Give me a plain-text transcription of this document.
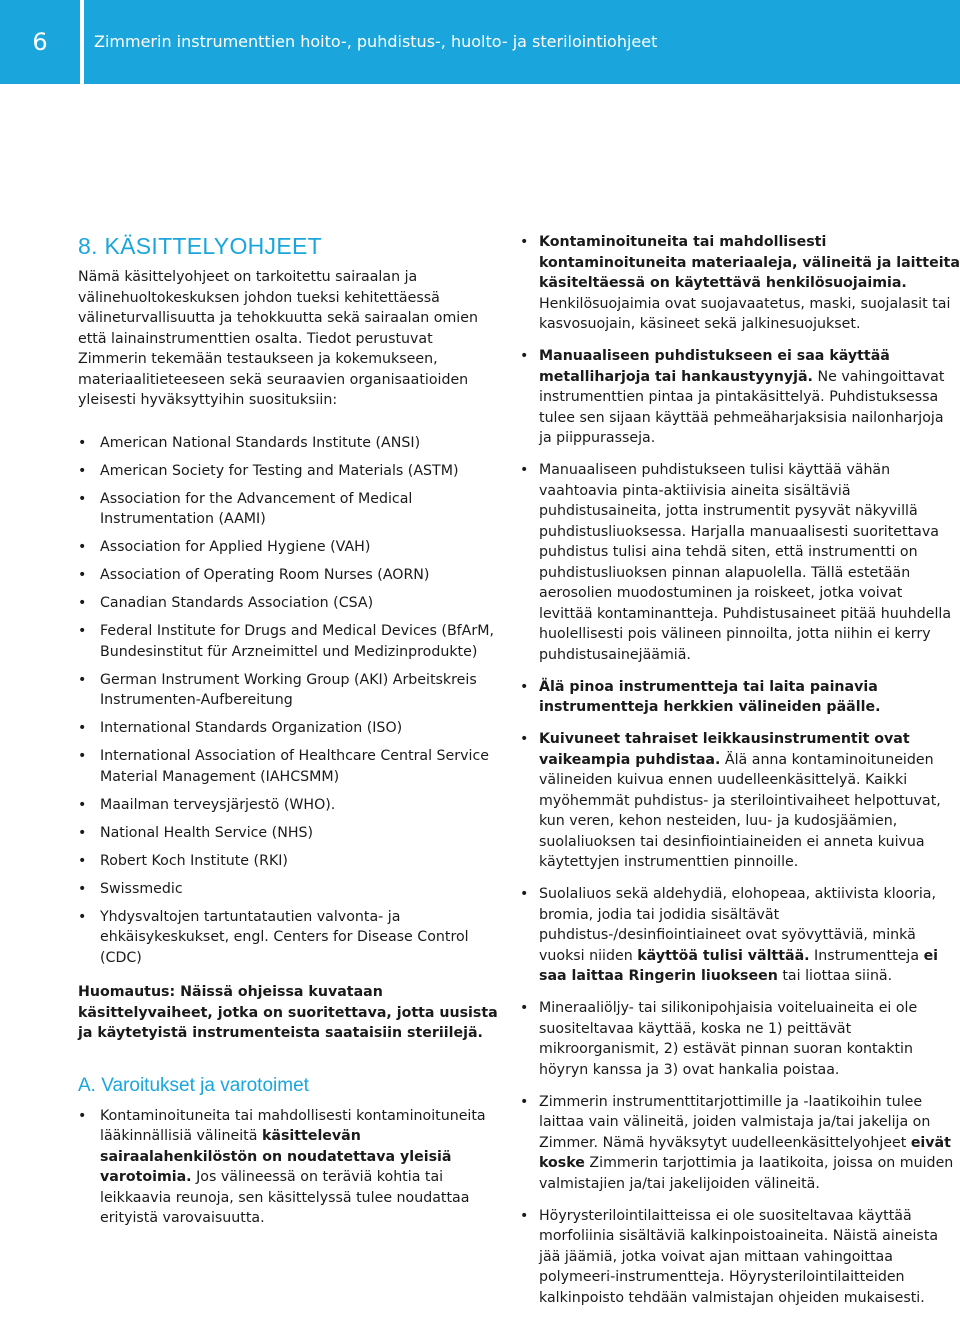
6	Zimmerin instrumenttien hoito-, puhdistus-, huolto- ja sterilointiohjeet
8. KÄSITTELYOHJEET

Nämä käsittelyohjeet on tarkoitettu sairaalan ja välinehuoltokeskuksen johdon tueksi kehitettäessä välineturvallisuutta ja tehokkuutta sekä sairaalan omien että lainainstrumenttien osalta. Tiedot perustuvat Zimmerin tekemään testaukseen ja kokemukseen, materiaalitieteeseen sekä seuraavien organisaatioiden yleisesti hyväksyttyihin suosituksiin:

• American National Standards Institute (ANSI)
• American Society for Testing and Materials (ASTM)
• Association for the Advancement of Medical Instrumentation (AAMI)
• Association for Applied Hygiene (VAH)
• Association of Operating Room Nurses (AORN)
• Canadian Standards Association (CSA)
• Federal Institute for Drugs and Medical Devices (BfArM, Bundesinstitut für Arzneimittel und Medizinprodukte)
• German Instrument Working Group (AKI) Arbeitskreis Instrumenten-Aufbereitung
• International Standards Organization (ISO)
• International Association of Healthcare Central Service Material Management (IAHCSMM)
• Maailman terveysjärjestö (WHO).
• National Health Service (NHS)
• Robert Koch Institute (RKI)
• Swissmedic
• Yhdysvaltojen tartuntatautien valvonta- ja ehkäisykeskukset, engl. Centers for Disease Control (CDC)

Huomautus: Näissä ohjeissa kuvataan käsittelyvaiheet, jotka on suoritettava, jotta uusista ja käytetyistä instrumenteista saataisiin steriilejä.

A. Varoitukset ja varotoimet
• Kontaminoituneita tai mahdollisesti kontaminoituneita lääkinnällisiä välineitä käsittelevän sairaalahenkilöstön on noudatettava yleisiä varotoimia. Jos välineessä on teräviä kohtia tai leikkaavia reunoja, sen käsittelyssä tulee noudattaa erityistä varovaisuutta.
• Kontaminoituneita tai mahdollisesti kontaminoituneita materiaaleja, välineitä ja laitteita käsiteltäessä on käytettävä henkilösuojaimia. Henkilösuojaimia ovat suojavaatetus, maski, suojalasit tai kasvosuojain, käsineet sekä jalkinesuojukset.
• Manuaaliseen puhdistukseen ei saa käyttää metalliharjoja tai hankaustyynyjä. Ne vahingoittavat instrumenttien pintaa ja pintakäsittelyä. Puhdistuksessa tulee sen sijaan käyttää pehmeäharjaksisia nailonharjoja ja piippurasseja.
• Manuaaliseen puhdistukseen tulisi käyttää vähän vaahtoavia pinta-aktiivisia aineita sisältäviä puhdistusaineita, jotta instrumentit pysyvät näkyvillä puhdistusliuoksessa. Harjalla manuaalisesti suoritettava puhdistus tulisi aina tehdä siten, että instrumentti on puhdistusliuoksen pinnan alapuolella. Tällä estetään aerosolien muodostuminen ja roiskeet, jotka voivat levittää kontaminantteja. Puhdistusaineet pitää huuhdella huolellisesti pois välineen pinnoilta, jotta niihin ei kerry puhdistusainejäämiä.
• Älä pinoa instrumentteja tai laita painavia instrumentteja herkkien välineiden päälle.
• Kuivuneet tahraiset leikkausinstrumentit ovat vaikeampia puhdistaa. Älä anna kontaminoituneiden välineiden kuivua ennen uudelleenkäsittelyä. Kaikki myöhemmät puhdistus- ja sterilointivaiheet helpottuvat, kun veren, kehon nesteiden, luu- ja kudosjäämien, suolaliuoksen tai desinfiointiaineiden ei anneta kuivua käytettyjen instrumenttien pinnoille.
• Suolaliuos sekä aldehydiä, elohopeaa, aktiivista klooria, bromia, jodia tai jodidia sisältävät puhdistus-/desinfiointiaineet ovat syövyttäviä, minkä vuoksi niiden käyttöä tulisi välttää. Instrumentteja ei saa laittaa Ringerin liuokseen tai liottaa siinä.
• Mineraaliöljy- tai silikonipohjaisia voiteluaineita ei ole suositeltavaa käyttää, koska ne 1) peittävät mikroorganismit, 2) estävät pinnan suoran kontaktin höyryn kanssa ja 3) ovat hankalia poistaa.
• Zimmerin instrumenttitarjottimille ja -laatikoihin tulee laittaa vain välineitä, joiden valmistaja ja/tai jakelija on Zimmer. Nämä hyväksytyt uudelleenkäsittelyohjeet eivät koske Zimmerin tarjottimia ja laatikoita, joissa on muiden valmistajien ja/tai jakelijoiden välineitä.
• Höyrysterilointilaitteissa ei ole suositeltavaa käyttää morfoliinia sisältäviä kalkinpoistoaineita. Näistä aineista jää jäämiä, jotka voivat ajan mittaan vahingoittaa polymeeri-instrumentteja. Höyrysterilointilaitteiden kalkinpoisto tehdään valmistajan ohjeiden mukaisesti.
